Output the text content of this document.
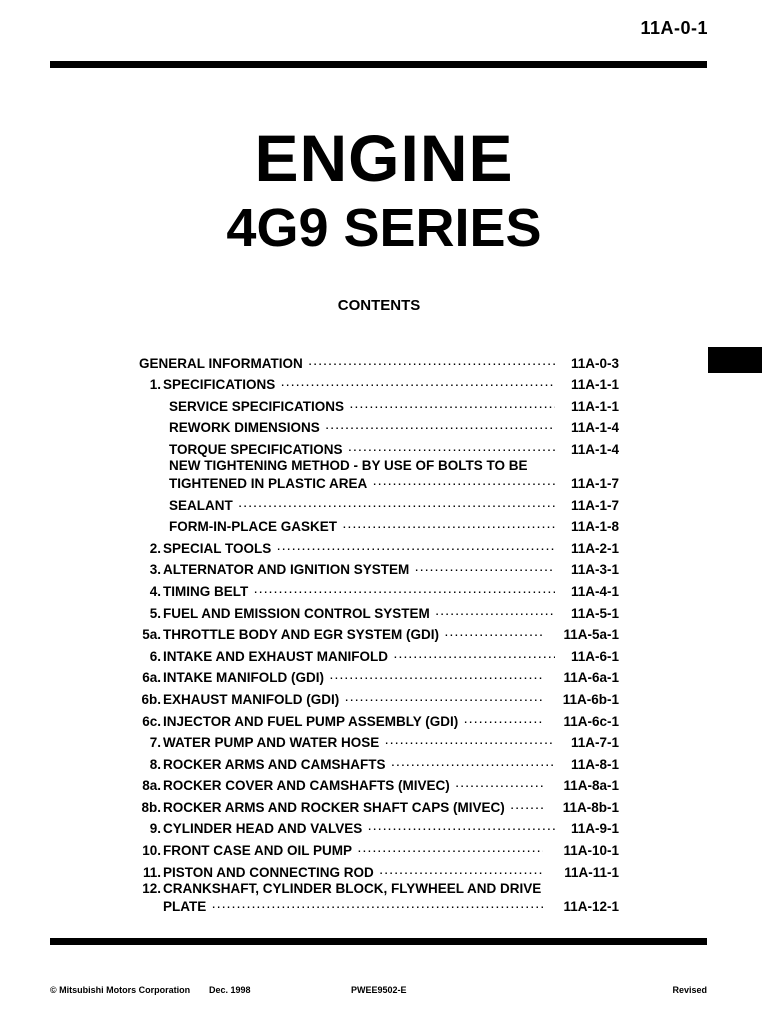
11A-0-1
ENGINE
4G9 SERIES
CONTENTS
GENERAL INFORMATION .....	11A-0-3
1. SPECIFICATIONS .....	11A-1-1
SERVICE SPECIFICATIONS .....	11A-1-1
REWORK DIMENSIONS .....	11A-1-4
TORQUE SPECIFICATIONS .....	11A-1-4
NEW TIGHTENING METHOD - BY USE OF BOLTS TO BE
TIGHTENED IN PLASTIC AREA .....	11A-1-7
SEALANT .....	11A-1-7
FORM-IN-PLACE GASKET .....	11A-1-8
2. SPECIAL TOOLS .....	11A-2-1
3. ALTERNATOR AND IGNITION SYSTEM .....	11A-3-1
4. TIMING BELT .....	11A-4-1
5. FUEL AND EMISSION CONTROL SYSTEM .....	11A-5-1
5a. THROTTLE BODY AND EGR SYSTEM (GDI) .....	11A-5a-1
6. INTAKE AND EXHAUST MANIFOLD .....	11A-6-1
6a. INTAKE MANIFOLD (GDI) .....	11A-6a-1
6b. EXHAUST MANIFOLD (GDI) .....	11A-6b-1
6c. INJECTOR AND FUEL PUMP ASSEMBLY (GDI) .....	11A-6c-1
7. WATER PUMP AND WATER HOSE .....	11A-7-1
8. ROCKER ARMS AND CAMSHAFTS .....	11A-8-1
8a. ROCKER COVER AND CAMSHAFTS (MIVEC) .....	11A-8a-1
8b. ROCKER ARMS AND ROCKER SHAFT CAPS (MIVEC) .....	11A-8b-1
9. CYLINDER HEAD AND VALVES .....	11A-9-1
10. FRONT CASE AND OIL PUMP .....	11A-10-1
11. PISTON AND CONNECTING ROD .....	11A-11-1
12. CRANKSHAFT, CYLINDER BLOCK, FLYWHEEL AND DRIVE
PLATE .....	11A-12-1
© Mitsubishi Motors Corporation Dec. 1998	PWEE9502-E	Revised
